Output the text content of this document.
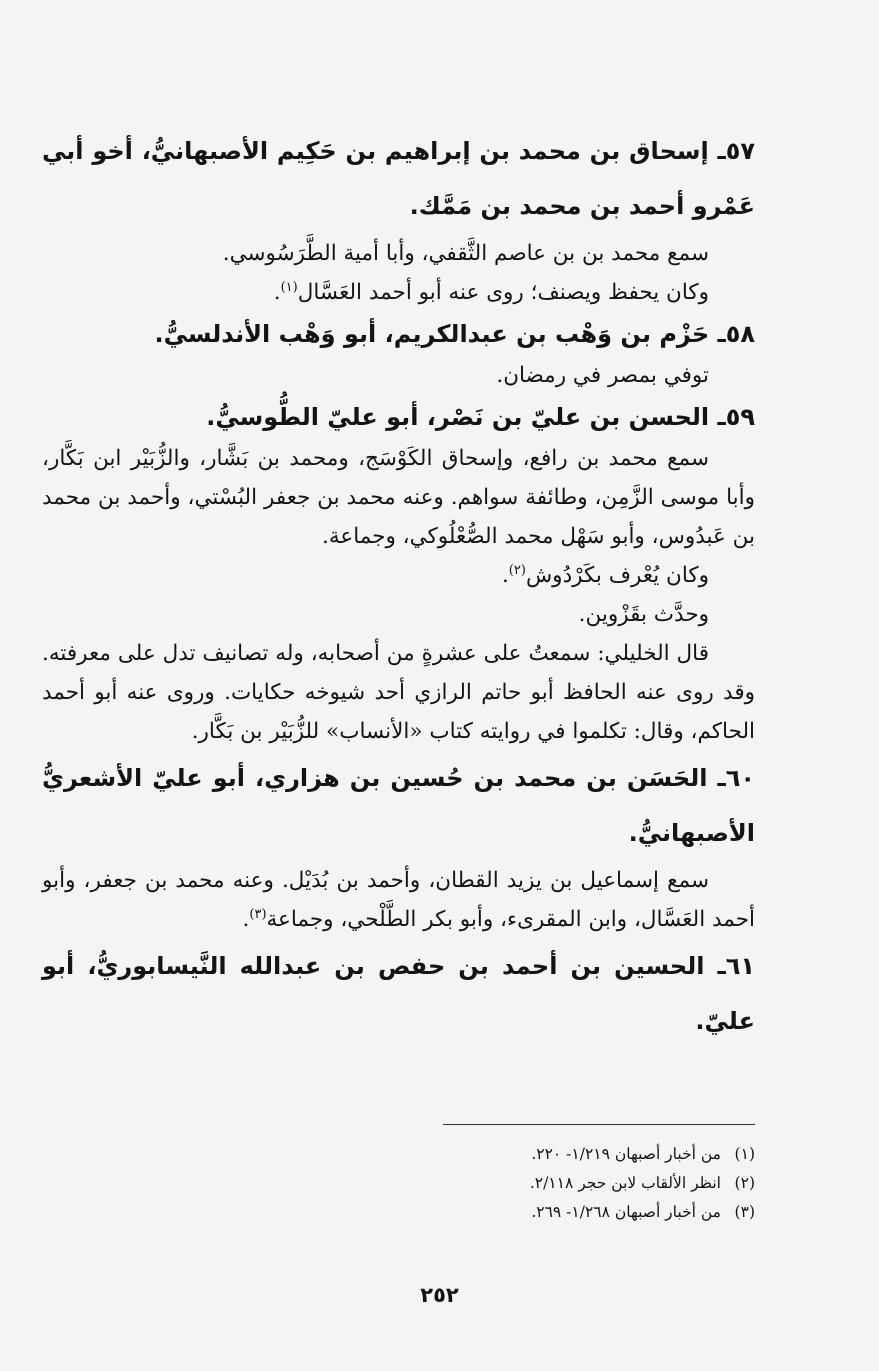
٥٧ـ إسحاق بن محمد بن إبراهيم بن حَكِيم الأصبهانيُّ، أخو أبي عَمْرو أحمد بن محمد بن مَمَّك.

سمع محمد بن بن عاصم الثَّقفي، وأبا أمية الطَّرَسُوسي.

وكان يحفظ ويصنف؛ روى عنه أبو أحمد العَسَّال$^{(١)}$.

٥٨ـ حَزْم بن وَهْب بن عبدالكريم، أبو وَهْب الأندلسيُّ.

توفي بمصر في رمضان.

٥٩ـ الحسن بن عليّ بن نَصْر، أبو عليّ الطُّوسيُّ.

سمع محمد بن رافع، وإسحاق الكَوْسَج، ومحمد بن بَشَّار، والزُّبَيْر ابن بَكَّار، وأبا موسى الزَّمِن، وطائفة سواهم. وعنه محمد بن جعفر البُسْتي، وأحمد بن محمد بن عَبدُوس، وأبو سَهْل محمد الصُّعْلُوكي، وجماعة.

وكان يُعْرف بكَرْدُوش$^{(٢)}$.

وحدَّث بقَزْوين.

قال الخليلي: سمعتُ على عشرةٍ من أصحابه، وله تصانيف تدل على معرفته. وقد روى عنه الحافظ أبو حاتم الرازي أحد شيوخه حكايات. وروى عنه أبو أحمد الحاكم، وقال: تكلموا في روايته كتاب «الأنساب» للزُّبَيْر بن بَكَّار.

٦٠ـ الحَسَن بن محمد بن حُسين بن هزاري، أبو عليّ الأشعريُّ الأصبهانيُّ.

سمع إسماعيل بن يزيد القطان، وأحمد بن بُدَيْل. وعنه محمد بن جعفر، وأبو أحمد العَسَّال، وابن المقرىء، وأبو بكر الطَّلْحي، وجماعة$^{(٣)}$.

٦١ـ الحسين بن أحمد بن حفص بن عبدالله النَّيسابوريُّ، أبو عليّ.

(١)من أخبار أصبهان ١/٢١٩- ٢٢٠.

(٢)انظر الألقاب لابن حجر ٢/١١٨.

(٣)من أخبار أصبهان ١/٢٦٨- ٢٦٩.

٢٥٢
